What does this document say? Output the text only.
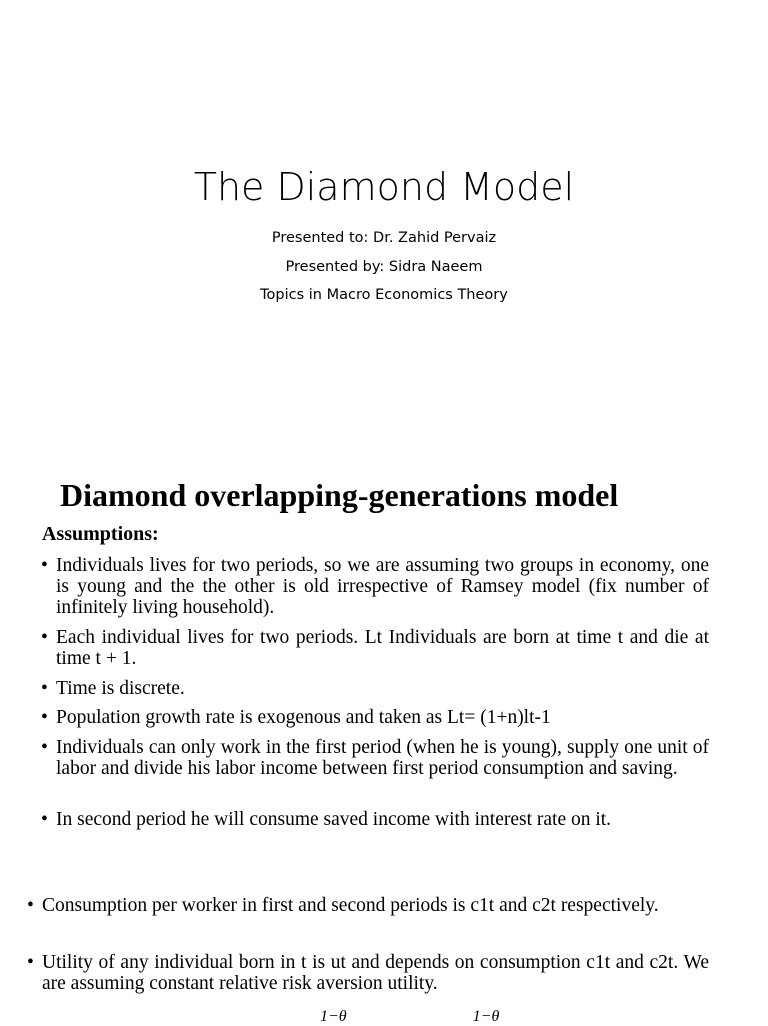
The Diamond Model
Presented to: Dr. Zahid Pervaiz
Presented by: Sidra Naeem
Topics in Macro Economics Theory
Diamond overlapping-generations model
Assumptions:
• Individuals lives for two periods, so we are assuming two groups in economy, one is young and the the other is old irrespective of Ramsey model (fix number of infinitely living household).
• Each individual lives for two periods. Lt Individuals are born at time t and die at time t + 1.
• Time is discrete.
• Population growth rate is exogenous and taken as Lt= (1+n)lt-1
• Individuals can only work in the first period (when he is young), supply one unit of labor and divide his labor income between first period consumption and saving.
• In second period he will consume saved income with interest rate on it.
• Consumption per worker in first and second periods is c1t and c2t respectively.
• Utility of any individual born in t is ut and depends on consumption c1t and c2t. We are assuming constant relative risk aversion utility.
1−θ	1−θ
